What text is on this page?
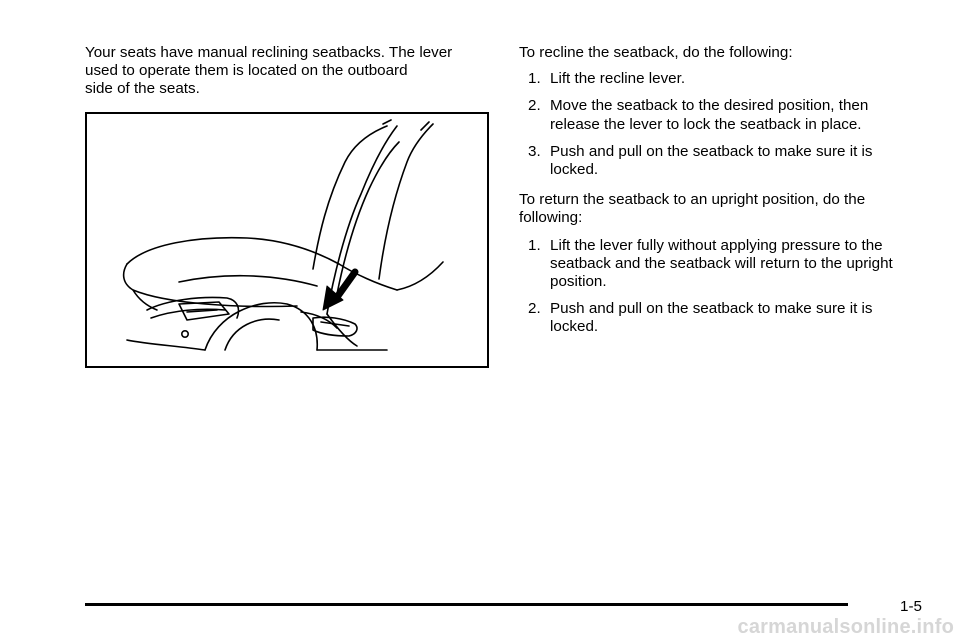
Your seats have manual reclining seatbacks. The lever
used to operate them is located on the outboard
side of the seats.

To recline the seatback, do the following:

1. Lift the recline lever.
2. Move the seatback to the desired position, then
release the lever to lock the seatback in place.
3. Push and pull on the seatback to make sure it is
locked.

To return the seatback to an upright position, do the
following:

1. Lift the lever fully without applying pressure to the
seatback and the seatback will return to the upright
position.
2. Push and pull on the seatback to make sure it is
locked.
1-5
carmanualsonline.info
